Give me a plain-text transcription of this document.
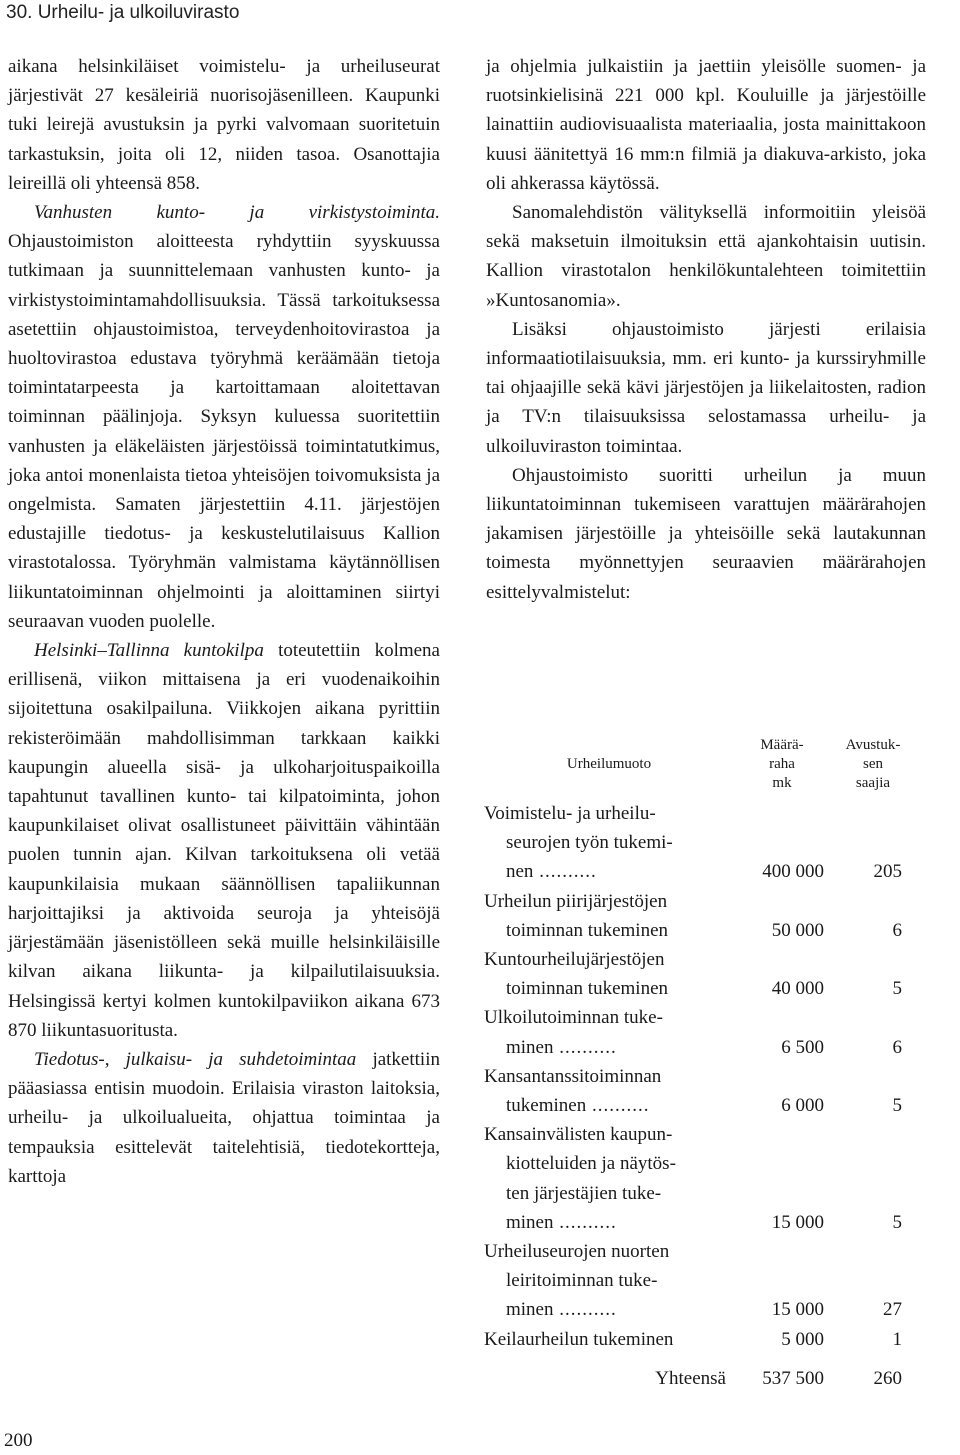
30. Urheilu- ja ulkoiluvirasto

aikana helsinkiläiset voimistelu- ja urheiluseurat järjestivät 27 kesäleiriä nuorisojäsenilleen. Kaupunki tuki leirejä avustuksin ja pyrki valvomaan suoritetuin tarkastuksin, joita oli 12, niiden tasoa. Osanottajia leireillä oli yhteensä 858.

Vanhusten kunto- ja virkistystoiminta. Ohjaustoimiston aloitteesta ryhdyttiin syyskuussa tutkimaan ja suunnittelemaan vanhusten kunto- ja virkistystoimintamahdollisuuksia. Tässä tarkoituksessa asetettiin ohjaustoimistoa, terveydenhoitovirastoa ja huoltovirastoa edustava työryhmä keräämään tietoja toimintatarpeesta ja kartoittamaan aloitettavan toiminnan päälinjoja. Syksyn kuluessa suoritettiin vanhusten ja eläkeläisten järjestöissä toimintatutkimus, joka antoi monenlaista tietoa yhteisöjen toivomuksista ja ongelmista. Samaten järjestettiin 4.11. järjestöjen edustajille tiedotus- ja keskustelutilaisuus Kallion virastotalossa. Työryhmän valmistama käytännöllisen liikuntatoiminnan ohjelmointi ja aloittaminen siirtyi seuraavan vuoden puolelle.

Helsinki–Tallinna kuntokilpa toteutettiin kolmena erillisenä, viikon mittaisena ja eri vuodenaikoihin sijoitettuna osakilpailuna. Viikkojen aikana pyrittiin rekisteröimään mahdollisimman tarkkaan kaikki kaupungin alueella sisä- ja ulkoharjoituspaikoilla tapahtunut tavallinen kunto- tai kilpatoiminta, johon kaupunkilaiset olivat osallistuneet päivittäin vähintään puolen tunnin ajan. Kilvan tarkoituksena oli vetää kaupunkilaisia mukaan säännöllisen tapaliikunnan harjoittajiksi ja aktivoida seuroja ja yhteisöjä järjestämään jäsenistölleen sekä muille helsinkiläisille kilvan aikana liikunta- ja kilpailutilaisuuksia. Helsingissä kertyi kolmen kuntokilpaviikon aikana 673 870 liikuntasuoritusta.

Tiedotus-, julkaisu- ja suhdetoimintaa jatkettiin pääasiassa entisin muodoin. Erilaisia viraston laitoksia, urheilu- ja ulkoilualueita, ohjattua toimintaa ja tempauksia esittelevät taitelehtisiä, tiedotekortteja, karttoja

ja ohjelmia julkaistiin ja jaettiin yleisölle suomen- ja ruotsinkielisinä 221 000 kpl. Kouluille ja järjestöille lainattiin audiovisuaalista materiaalia, josta mainittakoon kuusi äänitettyä 16 mm:n filmiä ja diakuva-arkisto, joka oli ahkerassa käytössä.

Sanomalehdistön välityksellä informoitiin yleisöä sekä maksetuin ilmoituksin että ajankohtaisin uutisin. Kallion virastotalon henkilökuntalehteen toimitettiin »Kuntosanomia».

Lisäksi ohjaustoimisto järjesti erilaisia informaatiotilaisuuksia, mm. eri kunto- ja kurssiryhmille tai ohjaajille sekä kävi järjestöjen ja liikelaitosten, radion ja TV:n tilaisuuksissa selostamassa urheilu- ja ulkoiluviraston toimintaa.

Ohjaustoimisto suoritti urheilun ja muun liikuntatoiminnan tukemiseen varattujen määrärahojen jakamisen järjestöille ja yhteisöille sekä lautakunnan toimesta myönnettyjen seuraavien määrärahojen esittelyvalmistelut:

Urheilumuoto	Määrä-
raha
mk	Avustuk-
sen
saajia

Voimistelu- ja urheilu-
seurojen työn tukemi-
nen ..........	400 000	205

Urheilun piirijärjestöjen
toiminnan tukeminen	50 000	6

Kuntourheilujärjestöjen
toiminnan tukeminen	40 000	5

Ulkoilutoiminnan tuke-
minen ..........	6 500	6

Kansantanssitoiminnan
tukeminen ..........	6 000	5

Kansainvälisten kaupun-
kiotteluiden ja näytös-
ten järjestäjien tuke-
minen ..........	15 000	5

Urheiluseurojen nuorten
leiritoiminnan tuke-
minen ..........	15 000	27

Keilaurheilun tukeminen	5 000	1
Yhteensä	537 500	260
200
